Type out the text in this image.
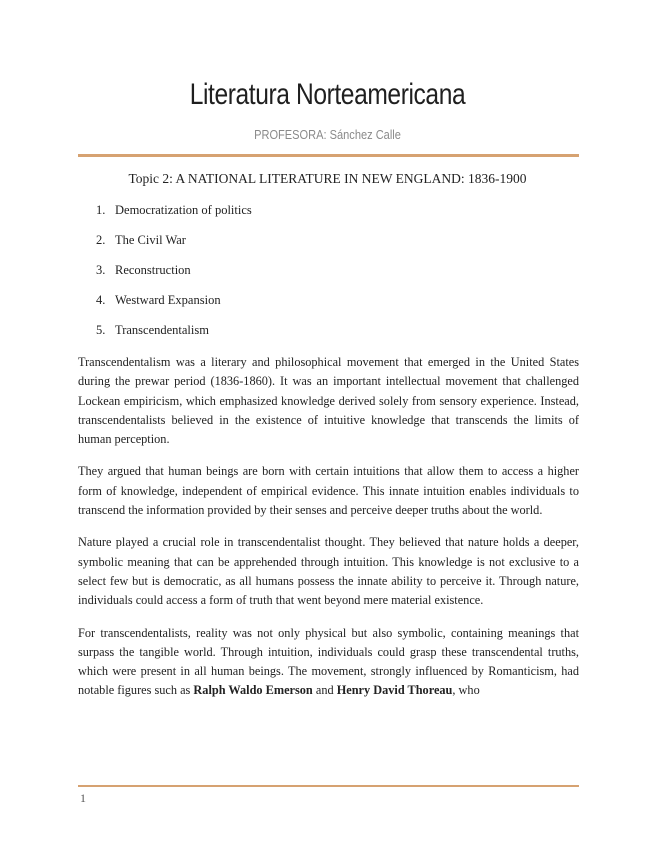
Literatura Norteamericana
PROFESORA: Sánchez Calle
Topic 2: A NATIONAL LITERATURE IN NEW ENGLAND: 1836-1900
1. Democratization of politics
2. The Civil War
3. Reconstruction
4. Westward Expansion
5. Transcendentalism

Transcendentalism was a literary and philosophical movement that emerged in the United States during the prewar period (1836-1860). It was an important intellectual movement that challenged Lockean empiricism, which emphasized knowledge derived solely from sensory experience. Instead, transcendentalists believed in the existence of intuitive knowledge that transcends the limits of human perception.

They argued that human beings are born with certain intuitions that allow them to access a higher form of knowledge, independent of empirical evidence. This innate intuition enables individuals to transcend the information provided by their senses and perceive deeper truths about the world.

Nature played a crucial role in transcendentalist thought. They believed that nature holds a deeper, symbolic meaning that can be apprehended through intuition. This knowledge is not exclusive to a select few but is democratic, as all humans possess the innate ability to perceive it. Through nature, individuals could access a form of truth that went beyond mere material existence.

For transcendentalists, reality was not only physical but also symbolic, containing meanings that surpass the tangible world. Through intuition, individuals could grasp these transcendental truths, which were present in all human beings. The movement, strongly influenced by Romanticism, had notable figures such as Ralph Waldo Emerson and Henry David Thoreau, who

1
